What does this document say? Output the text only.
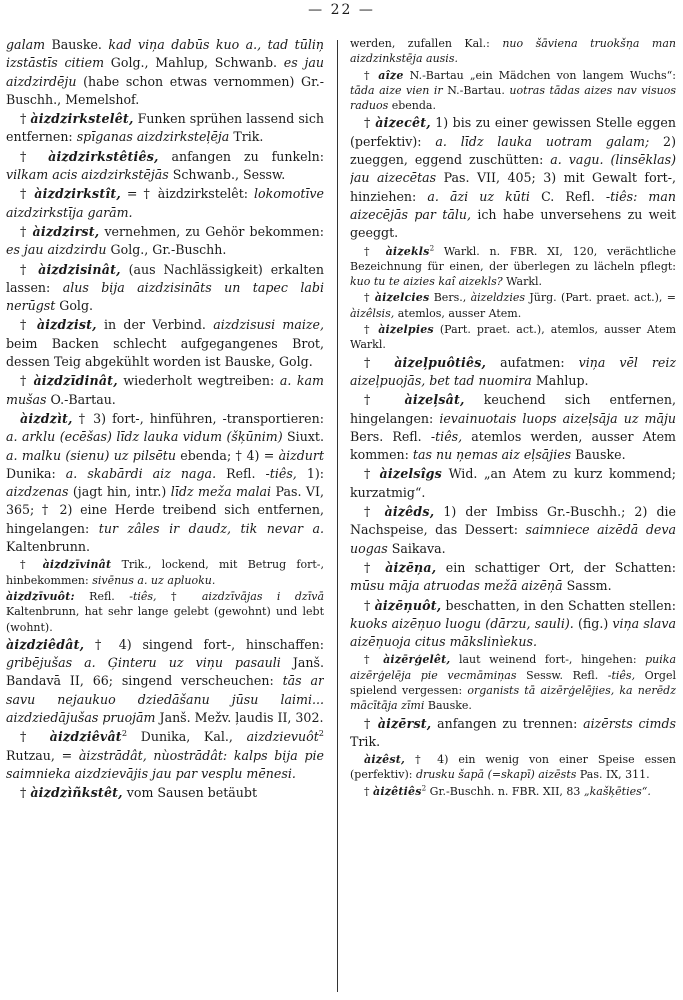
— 22 —

galam Bauske. kad viņa dabūs kuo a., tad tūliņ izstāstīs citiem Golg., Mahlup, Schwanb. es jau aizdzirdēju (habe schon etwas vernommen) Gr.-Buschh., Memelshof.

† àizdzirkstelêt, Funken sprühen lassend sich entfernen: spīganas aizdzirksteļēja Trik.

† àizdzirkstêtiês, anfangen zu funkeln: vilkam acis aizdzirkstējās Schwanb., Sessw.

† àizdzirkstît, = † àizdzirkstelêt: lokomotīve aizdzirkstīja garām.

† àizdzirst, vernehmen, zu Gehör bekommen: es jau aizdzirdu Golg., Gr.-Buschh.

† àizdzisinât, (aus Nachlässigkeit) erkalten lassen: alus bija aizdzisināts un tapec labi nerūgst Golg.

† àizdzist, in der Verbind. aizdzisusi maize, beim Backen schlecht aufgegangenes Brot, dessen Teig abgekühlt worden ist Bauske, Golg.

† àizdzīdinât, wiederholt wegtreiben: a. kam mušas O.-Bartau.

àizdzìt, † 3) fort-, hinführen, -transportieren: a. arklu (ecēšas) līdz lauka vidum (šķūnim) Siuxt. a. malku (sienu) uz pilsētu ebenda; † 4) = àizdurt Dunika: a. skabārdi aiz naga. Refl. -tiês, 1): aizdzenas (jagt hin, intr.) līdz meža malai Pas. VI, 365; † 2) eine Herde treibend sich entfernen, hingelangen: tur zâles ir daudz, tik nevar a. Kaltenbrunn.

† àizdzīvinât Trik., lockend, mit Betrug fort-, hinbekommen: sivēnus a. uz apluoku.

àizdzīvuôt: Refl. -tiês, † aizdzīvājas i dzīvā Kaltenbrunn, hat sehr lange gelebt (gewohnt) und lebt (wohnt).

àizdziêdât, † 4) singend fort-, hinschaffen: gribējušas a. Ģinteru uz viņu pasauli Janš. Bandavā II, 66; singend verscheuchen: tās ar savu nejaukuo dziedāšanu jūsu laimi... aizdziedājušas pruojām Janš. Mežv. ļaudis II, 302.

† àizdziêvât$^2$ Dunika, Kal., aizdzievuôt$^2$ Rutzau, = àizstrādât, nùostrādât: kalps bija pie saimnieka aizdzievājis jau par vesplu mēnesi.

† àizdzìñkstêt, vom Sausen betäubt

werden, zufallen Kal.: nuo šāviena truokšņa man aizdzinkstēja ausis.

† aîze N.-Bartau „ein Mädchen von langem Wuchs“: tāda aize vien ir N.-Bartau. uotras tādas aizes nav visuos raduos ebenda.

† àizecêt, 1) bis zu einer gewissen Stelle eggen (perfektiv): a. līdz lauka uotram galam; 2) zueggen, eggend zuschütten: a. vagu. (linsēklas) jau aizecētas Pas. VII, 405; 3) mit Gewalt fort-, hinziehen: a. āzi uz kūti C. Refl. -tiês: man aizecējās par tālu, ich habe unversehens zu weit geeggt.

† àizekls$^2$ Warkl. n. FBR. XI, 120, verächtliche Bezeichnung für einen, der überlegen zu lächeln pflegt: kuo tu te aizies kaî aizekls? Warkl.

† àizelcies Bers., àizeldzies Jürg. (Part. praet. act.), = àizêlsis, atemlos, ausser Atem.

† àizelpies (Part. praet. act.), atemlos, ausser Atem Warkl.

† àizeļpuôtiês, aufatmen: viņa vēl reiz aizeļpuojās, bet tad nuomira Mahlup.

† àizeļsât, keuchend sich entfernen, hingelangen: ievainuotais luops aizeļsāja uz māju Bers. Refl. -tiês, atemlos werden, ausser Atem kommen: tas nu ņemas aiz eļsājies Bauske.

† àizelsîgs Wid. „an Atem zu kurz kommend; kurzatmig“.

† àizêds, 1) der Imbiss Gr.-Buschh.; 2) die Nachspeise, das Dessert: saimniece aizēdā deva uogas Saikava.

† àizēņa, ein schattiger Ort, der Schatten: mūsu māja atruodas mežā aizēņā Sassm.

† àizēņuôt, beschatten, in den Schatten stellen: kuoks aizēņuo luogu (dārzu, sauli). (fig.) viņa slava aizēņuoja citus mākslinìekus.

† àizērģelêt, laut weinend fort-, hingehen: puika aizērģelēja pie vecmāmiņas Sessw. Refl. -tiês, Orgel spielend vergessen: organists tā aizērģelējies, ka nerēdz mācītāja zīmi Bauske.

† àizērst, anfangen zu trennen: aizērsts cimds Trik.

àizêst, † 4) ein wenig von einer Speise essen (perfektiv): drusku šapā (=skapī) aizēsts Pas. IX, 311.

† àizêtiês$^2$ Gr.-Buschh. n. FBR. XII, 83 „kašķēties“.
